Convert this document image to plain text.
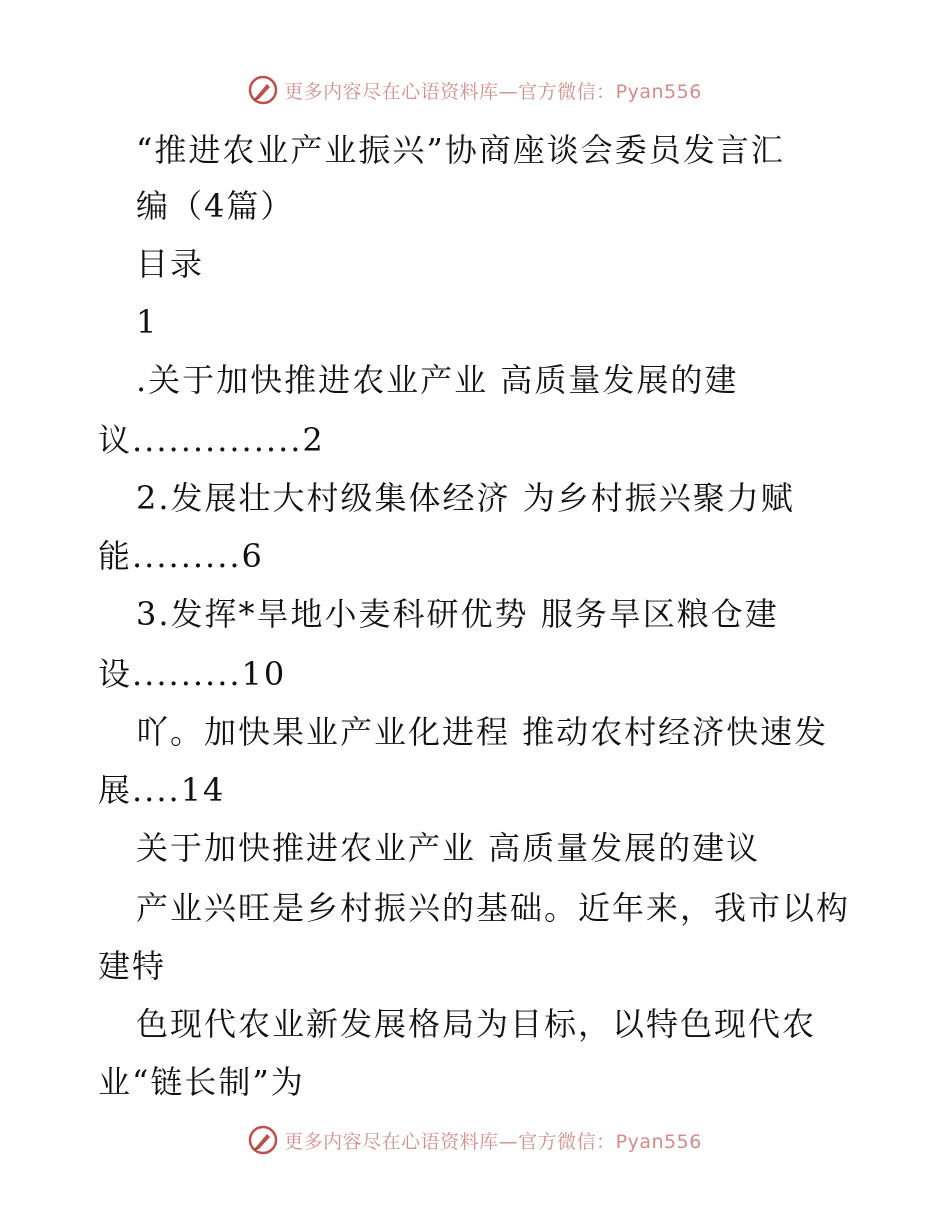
更多内容尽在心语资料库—官方微信：Pyan556
“推进农业产业振兴”协商座谈会委员发言汇
编（4篇）
目录
1
.关于加快推进农业产业 高质量发展的建
议..............2
2.发展壮大村级集体经济 为乡村振兴聚力赋
能.........6
3.发挥*旱地小麦科研优势 服务旱区粮仓建
设.........10
吖。加快果业产业化进程 推动农村经济快速发
展....14
关于加快推进农业产业 高质量发展的建议
产业兴旺是乡村振兴的基础。近年来，我市以构
建特
色现代农业新发展格局为目标，以特色现代农
业“链长制”为
更多内容尽在心语资料库—官方微信：Pyan556
